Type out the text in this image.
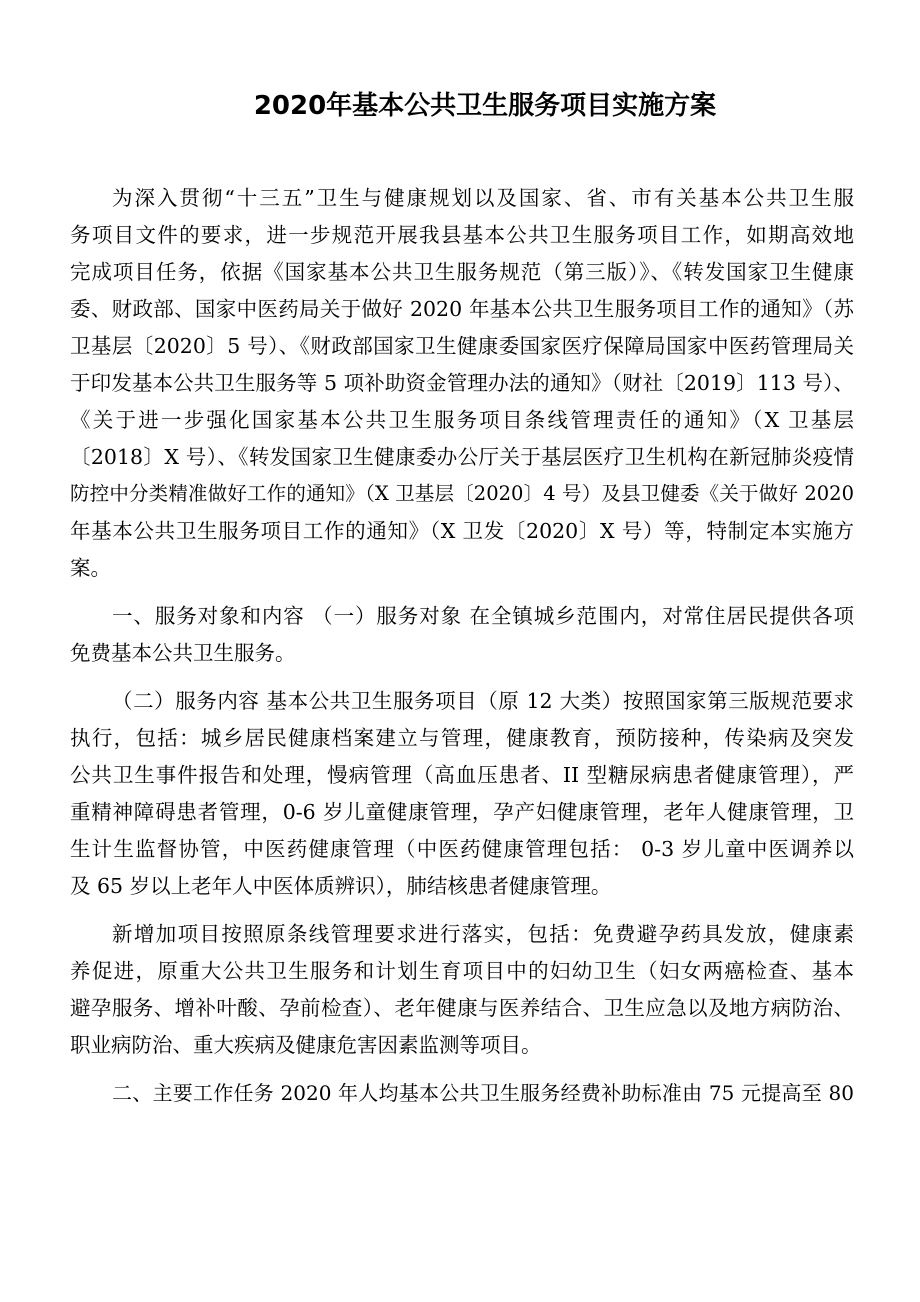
2020年基本公共卫生服务项目实施方案
为深入贯彻“十三五”卫生与健康规划以及国家、省、市有关基本公共卫生服
务项目文件的要求，进一步规范开展我县基本公共卫生服务项目工作，如期高效地
完成项目任务，依据《国家基本公共卫生服务规范（第三版）》、《转发国家卫生健康
委、财政部、国家中医药局关于做好 2020 年基本公共卫生服务项目工作的通知》（苏
卫基层〔2020〕5 号）、《财政部国家卫生健康委国家医疗保障局国家中医药管理局关
于印发基本公共卫生服务等 5 项补助资金管理办法的通知》（财社〔2019〕113 号）、
《关于进一步强化国家基本公共卫生服务项目条线管理责任的通知》（X 卫基层
〔2018〕X 号）、《转发国家卫生健康委办公厅关于基层医疗卫生机构在新冠肺炎疫情
防控中分类精准做好工作的通知》（X 卫基层〔2020〕4 号）及县卫健委《关于做好 2020
年基本公共卫生服务项目工作的通知》（X 卫发〔2020〕X 号）等，特制定本实施方
案。
一、服务对象和内容 （一）服务对象 在全镇城乡范围内，对常住居民提供各项
免费基本公共卫生服务。
（二）服务内容 基本公共卫生服务项目（原 12 大类）按照国家第三版规范要求
执行，包括：城乡居民健康档案建立与管理，健康教育，预防接种，传染病及突发
公共卫生事件报告和处理，慢病管理（高血压患者、II 型糖尿病患者健康管理），严
重精神障碍患者管理，0-6 岁儿童健康管理，孕产妇健康管理，老年人健康管理，卫
生计生监督协管，中医药健康管理（中医药健康管理包括： 0-3 岁儿童中医调养以
及 65 岁以上老年人中医体质辨识），肺结核患者健康管理。
新增加项目按照原条线管理要求进行落实，包括：免费避孕药具发放，健康素
养促进，原重大公共卫生服务和计划生育项目中的妇幼卫生（妇女两癌检查、基本
避孕服务、增补叶酸、孕前检查）、老年健康与医养结合、卫生应急以及地方病防治、
职业病防治、重大疾病及健康危害因素监测等项目。
二、主要工作任务 2020 年人均基本公共卫生服务经费补助标准由 75 元提高至 80
